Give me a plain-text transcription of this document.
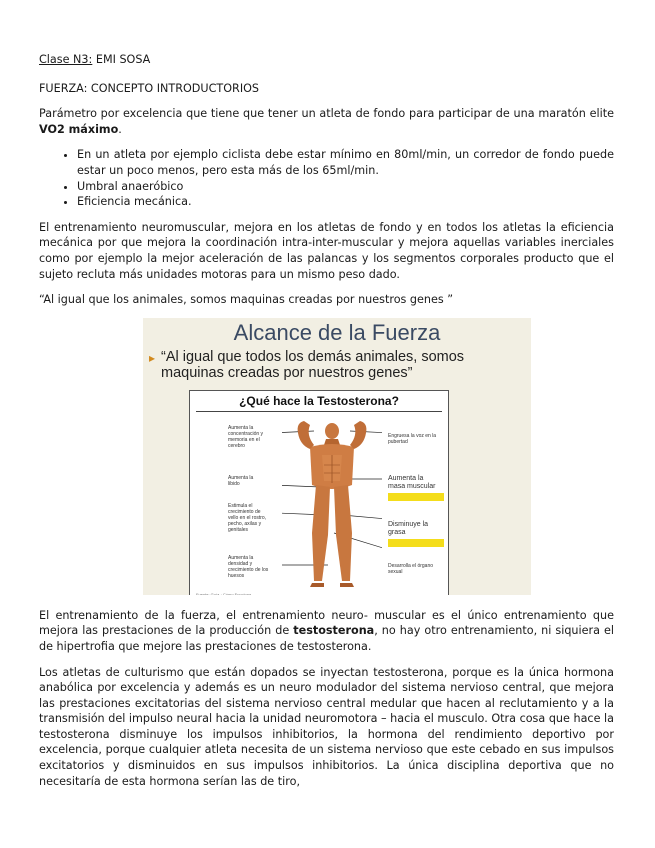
Clase N3: EMI SOSA

FUERZA: CONCEPTO INTRODUCTORIOS

Parámetro por excelencia que tiene que tener un atleta de fondo para participar de una maratón elite VO2 máximo.

• En un atleta por ejemplo ciclista debe estar mínimo en 80ml/min, un corredor de fondo puede estar un poco menos, pero esta más de los 65ml/min.
• Umbral anaeróbico
• Eficiencia mecánica.

El entrenamiento neuromuscular, mejora en los atletas de fondo y en todos los atletas la eficiencia mecánica por que mejora la coordinación intra-inter-muscular y mejora aquellas variables inerciales como por ejemplo la mejor aceleración de las palancas y los segmentos corporales producto que el sujeto recluta más unidades motoras para un mismo peso dado.

“Al igual que los animales, somos maquinas creadas por nuestros genes ”

Alcance de la Fuerza
▸ “Al igual que todos los demás animales, somos maquinas creadas por nuestros genes”
¿Qué hace la Testosterona?
Aumenta la concentración y memoria en el cerebro
Aumenta la libido
Estimula el crecimiento de vello en el rostro, pecho, axilas y genitales
Aumenta la densidad y crecimiento de los huesos
Engruesa la voz en la pubertad
Aumenta la masa muscular
Disminuye la grasa
Desarrolla el órgano sexual
Fuente: Guía · Cómo Funciona

El entrenamiento de la fuerza, el entrenamiento neuro- muscular es el único entrenamiento que mejora las prestaciones de la producción de testosterona, no hay otro entrenamiento, ni siquiera el de hipertrofia que mejore las prestaciones de testosterona.

Los atletas de culturismo que están dopados se inyectan testosterona, porque es la única hormona anabólica por excelencia y además es un neuro modulador del sistema nervioso central, que mejora las prestaciones excitatorias del sistema nervioso central medular que hacen al reclutamiento y a la transmisión del impulso neural hacia la unidad neuromotora – hacia el musculo. Otra cosa que hace la testosterona disminuye los impulsos inhibitorios, la hormona del rendimiento deportivo por excelencia, porque cualquier atleta necesita de un sistema nervioso que este cebado en sus impulsos excitatorios y disminuidos en sus impulsos inhibitorios. La única disciplina deportiva que no necesitaría de esta hormona serían las de tiro,
